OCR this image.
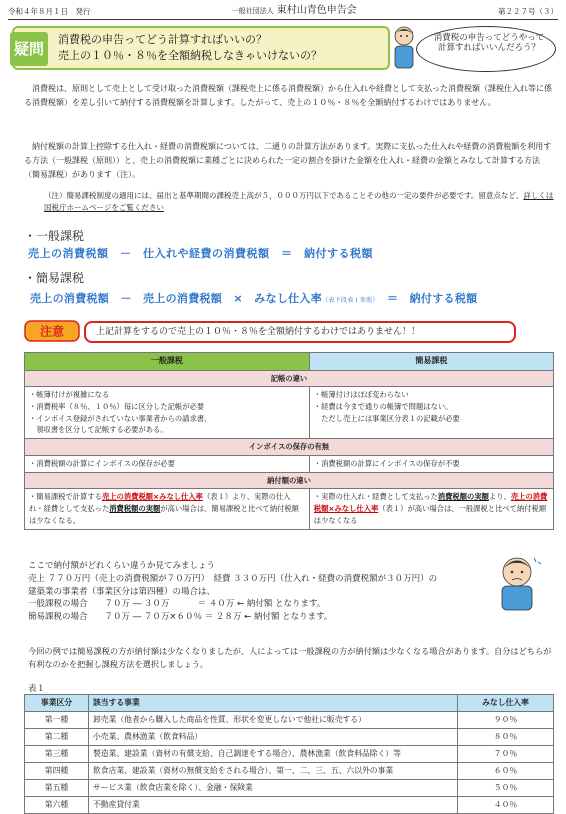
令和４年８月１日　発行	一般社団法人 東村山青色申告会	第２２７号（３）
疑問
消費税の申告ってどう計算すればいいの？
売上の１０％・８％を全額納税しなきゃいけないの？
消費税の申告ってどうやって計算すればいいんだろう？
消費税は、原則として売上として受け取った消費税額（課税売上に係る消費税額）から仕入れや経費として支払った消費税額（課税仕入れ等に係る消費税額）を差し引いて納付する消費税額を計算します。したがって、売上の１０％・８％を全額納付するわけではありません。
納付税額の計算上控除する仕入れ・経費の消費税額については、二通りの計算方法があります。実際に支払った仕入れや経費の消費税額を利用する方法（一般課税（原則））と、売上の消費税額に業種ごとに決められた一定の割合を掛けた金額を仕入れ・経費の金額とみなして計算する方法（簡易課税）があります（注）。
（注）簡易課税制度の適用には、届出と基準期間の課税売上高が５，０００万円以下であることその他の一定の要件が必要です。留意点など、詳しくは国税庁ホームページをご覧ください
・一般課税
売上の消費税額　－　仕入れや経費の消費税額　＝　納付する税額
・簡易課税
売上の消費税額　－　売上の消費税額　×　みなし仕入率（表下段表１参照）　 ＝　納付する税額
注意	上記計算をするので売上の１０％・８％を全額納付するわけではありません！！
一般課税	簡易課税
記帳の違い	
・帳簿付けが複雑になる
・消費税率（８％、１０％）毎に区分した記帳が必要
・インボイス登録がされていない事業者からの請求書、
　領収書を区分して記帳する必要がある。	・帳簿付けはほぼ変わらない
・経費は今まで通りの帳簿で問題はない。
　ただし売上には事業区分表１の記載が必要
インボイスの保存の有無	
・消費税額の計算にインボイスの保存が必要	・消費税額の計算にインボイスの保存が不要
納付額の違い	
・簡易課税で計算する売上の消費税額×みなし仕入率（表１）より、実際の仕入れ・経費として支払った消費税額の実額が高い場合は、簡易課税と比べて納付税額は少なくなる。	・実際の仕入れ・経費として支払った消費税額の実額より、売上の消費税額×みなし仕入率（表１）が高い場合は、一般課税と比べて納付税額は少なくなる
ここで納付額がどれくらい違うか見てみましょう
売上 ７７０万円（売上の消費税額が７０万円）　経費 ３３０万円（仕入れ・経費の消費税額が３０万円）の
建築業の事業者（事業区分は第四種）の場合は、
一般課税の場合　　７０万 ― ３０万　　　 ＝ ４０万 ← 納付額 となります。
簡易課税の場合　　７０万 ― ７０万×６０％ ＝ ２８万 ← 納付額 となります。
今回の例では簡易課税の方が納付額は少なくなりましたが、人によっては一般課税の方が納付額は少なくなる場合があります。自分はどちらが有利なのかを把握し課税方法を選択しましょう。
表１
事業区分	該当する事業	みなし仕入率
第一種	卸売業（他者から購入した商品を性質、形状を変更しないで他社に販売する）	９０％
第二種	小売業、農林漁業（飲食料品）	８０％
第三種	製造業、建設業（資材の有償支給、自己調達をする場合）、農林漁業（飲食料品除く）等	７０％
第四種	飲食店業、建設業（資材の無償支給をされる場合）、第一、二、三、五、六以外の事業	６０％
第五種	サービス業（飲食店業を除く）、金融・保険業	５０％
第六種	不動産貸付業	４０％
